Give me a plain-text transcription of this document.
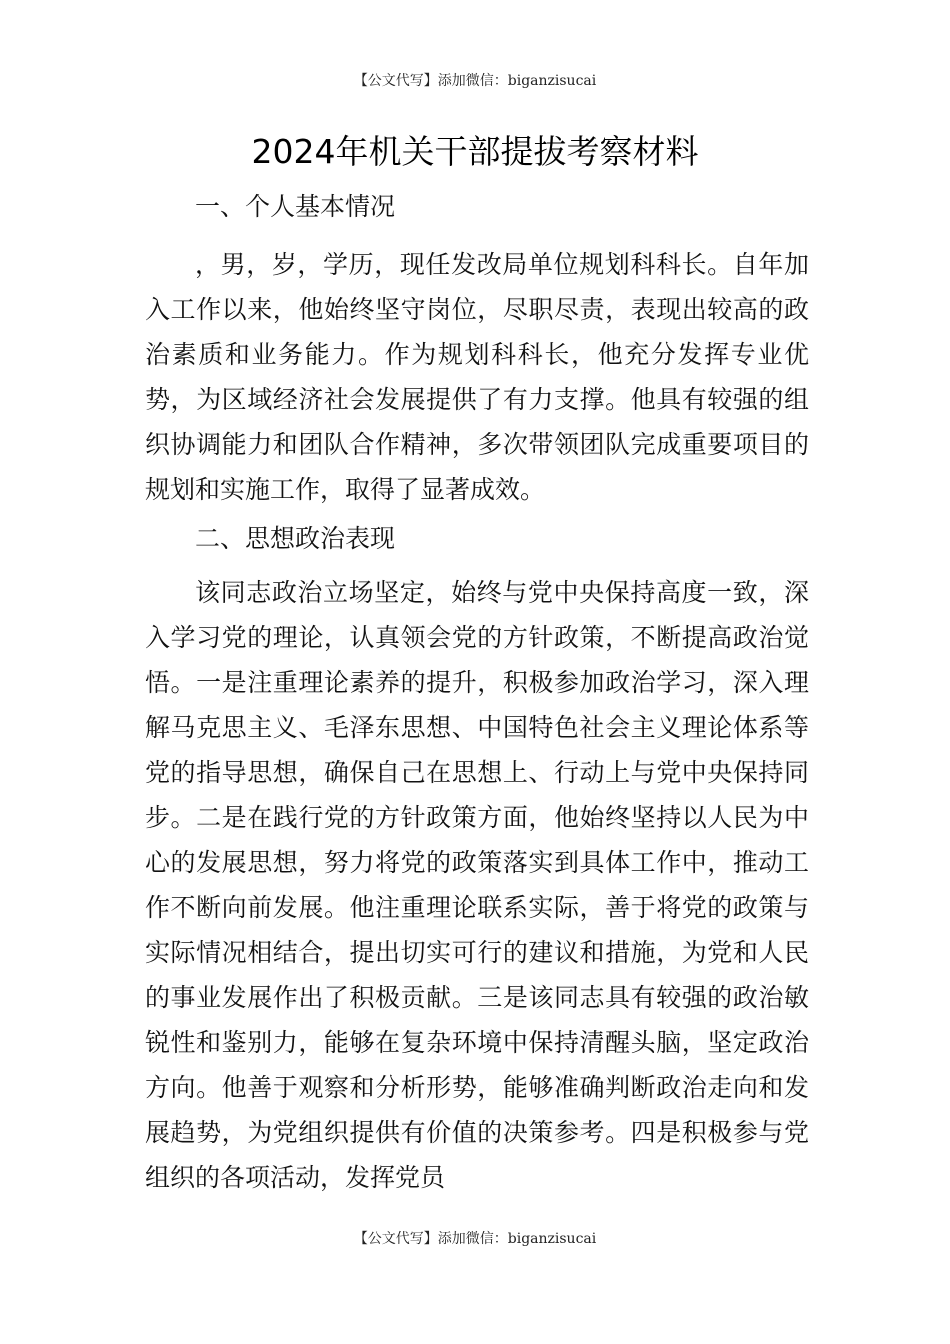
【公文代写】添加微信：biganzisucai
2024年机关干部提拔考察材料

一、个人基本情况

，男，岁，学历，现任发改局单位规划科科长。自年加入工作以来，他始终坚守岗位，尽职尽责，表现出较高的政治素质和业务能力。作为规划科科长，他充分发挥专业优势，为区域经济社会发展提供了有力支撑。他具有较强的组织协调能力和团队合作精神，多次带领团队完成重要项目的规划和实施工作，取得了显著成效。

二、思想政治表现

该同志政治立场坚定，始终与党中央保持高度一致，深入学习党的理论，认真领会党的方针政策，不断提高政治觉悟。一是注重理论素养的提升，积极参加政治学习，深入理解马克思主义、毛泽东思想、中国特色社会主义理论体系等党的指导思想，确保自己在思想上、行动上与党中央保持同步。二是在践行党的方针政策方面，他始终坚持以人民为中心的发展思想，努力将党的政策落实到具体工作中，推动工作不断向前发展。他注重理论联系实际，善于将党的政策与实际情况相结合，提出切实可行的建议和措施，为党和人民的事业发展作出了积极贡献。三是该同志具有较强的政治敏锐性和鉴别力，能够在复杂环境中保持清醒头脑，坚定政治方向。他善于观察和分析形势，能够准确判断政治走向和发展趋势，为党组织提供有价值的决策参考。四是积极参与党组织的各项活动，发挥党员

【公文代写】添加微信：biganzisucai
